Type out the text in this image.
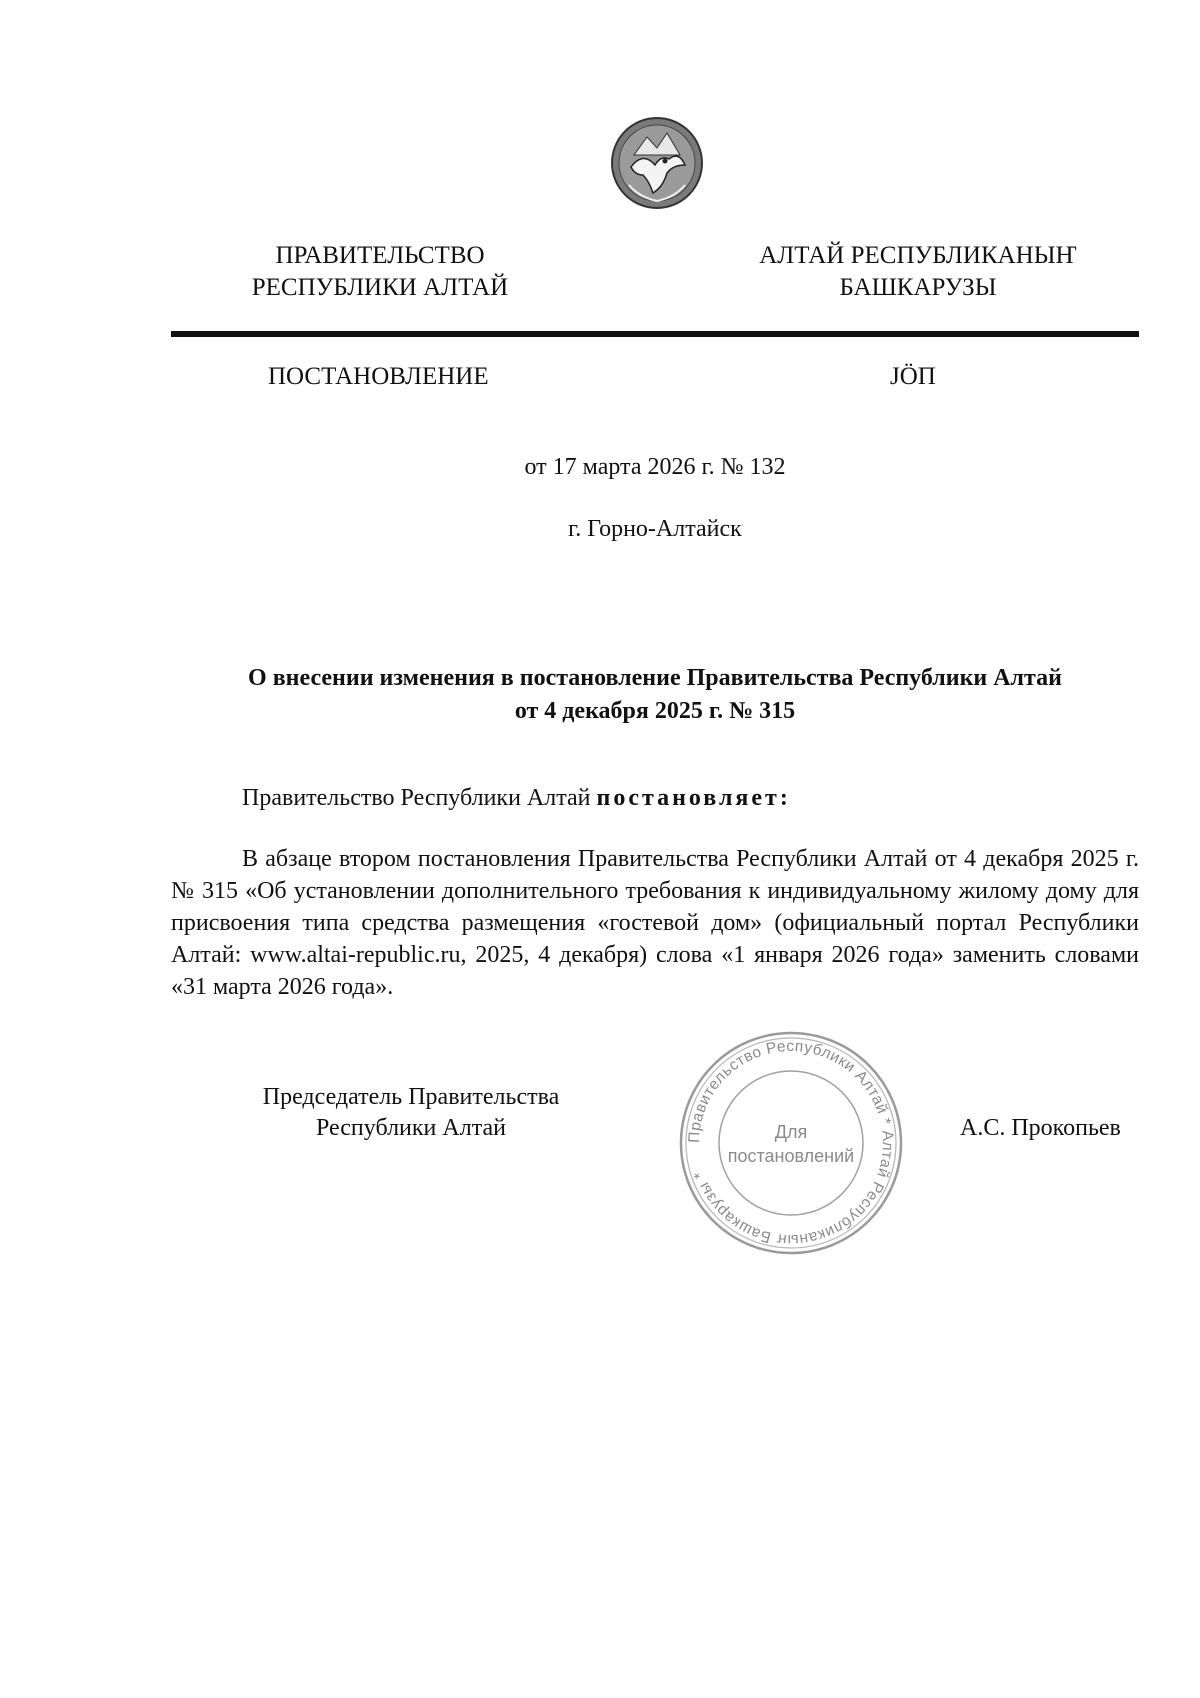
ПРАВИТЕЛЬСТВО
РЕСПУБЛИКИ АЛТАЙ
АЛТАЙ РЕСПУБЛИКАНЫҤ
БАШКАРУЗЫ
ПОСТАНОВЛЕНИЕ	JӦП
от 17 марта 2026 г. № 132
г. Горно-Алтайск
О внесении изменения в постановление Правительства Республики Алтай
от 4 декабря 2025 г. № 315
Правительство Республики Алтай постановляет:
В абзаце втором постановления Правительства Республики Алтай от 4 декабря 2025 г. № 315 «Об установлении дополнительного требования к индивидуальному жилому дому для присвоения типа средства размещения «гостевой дом» (официальный портал Республики Алтай: www.altai-republic.ru, 2025, 4 декабря) слова «1 января 2026 года» заменить словами «31 марта 2026 года».
Председатель Правительства
Республики Алтай	Правительство Республики Алтай * Алтай Республиканыҥ Башкарузы *
Для
постановлений
А.С. Прокопьев
